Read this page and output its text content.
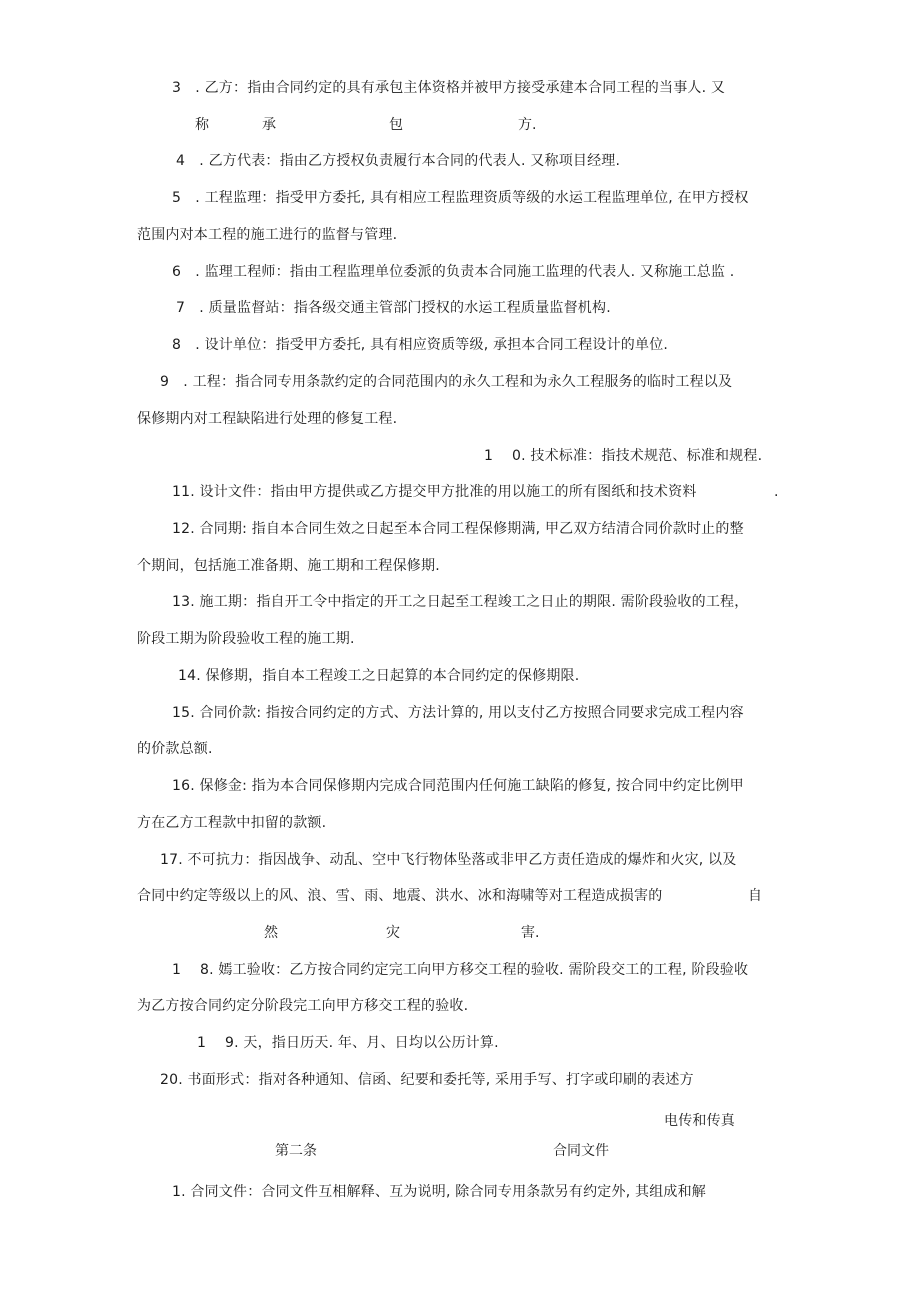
3　. 乙方：指由合同约定的具有承包主体资格并被甲方接受承建本合同工程的当事人. 又

称	承	包	方.

4　. 乙方代表：指由乙方授权负责履行本合同的代表人. 又称项目经理.

5　. 工程监理：指受甲方委托, 具有相应工程监理资质等级的水运工程监理单位, 在甲方授权

范围内对本工程的施工进行的监督与管理.

6　. 监理工程师：指由工程监理单位委派的负责本合同施工监理的代表人. 又称施工总监 .

7　. 质量监督站：指各级交通主管部门授权的水运工程质量监督机构.

8　. 设计单位：指受甲方委托, 具有相应资质等级, 承担本合同工程设计的单位.

9　. 工程：指合同专用条款约定的合同范围内的永久工程和为永久工程服务的临时工程以及

保修期内对工程缺陷进行处理的修复工程.

1　 0. 技术标准：指技术规范、标准和规程.

11. 设计文件：指由甲方提供或乙方提交甲方批准的用以施工的所有图纸和技术资料	.

12. 合同期: 指自本合同生效之日起至本合同工程保修期满, 甲乙双方结清合同价款时止的整

个期间，包括施工准备期、施工期和工程保修期.

13. 施工期：指自开工令中指定的开工之日起至工程竣工之日止的期限. 需阶段验收的工程，

阶段工期为阶段验收工程的施工期.

14. 保修期，指自本工程竣工之日起算的本合同约定的保修期限.

15. 合同价款: 指按合同约定的方式、方法计算的, 用以支付乙方按照合同要求完成工程内容

的价款总额.

16. 保修金: 指为本合同保修期内完成合同范围内任何施工缺陷的修复, 按合同中约定比例甲

方在乙方工程款中扣留的款额.

17. 不可抗力：指因战争、动乱、空中飞行物体坠落或非甲乙方责任造成的爆炸和火灾, 以及

合同中约定等级以上的风、浪、雪、雨、地震、洪水、冰和海啸等对工程造成损害的	自
然	灾	害.

1　 8. 嫣工验收：乙方按合同约定完工向甲方移交工程的验收. 需阶段交工的工程, 阶段验收

为乙方按合同约定分阶段完工向甲方移交工程的验收.

1　 9. 天，指日历天. 年、月、日均以公历计算.

20. 书面形式：指对各种通知、信函、纪要和委托等, 采用手写、打字或印刷的表述方

电传和传真

第二条	合同文件

1. 合同文件：合同文件互相解释、互为说明, 除合同专用条款另有约定外, 其组成和解
